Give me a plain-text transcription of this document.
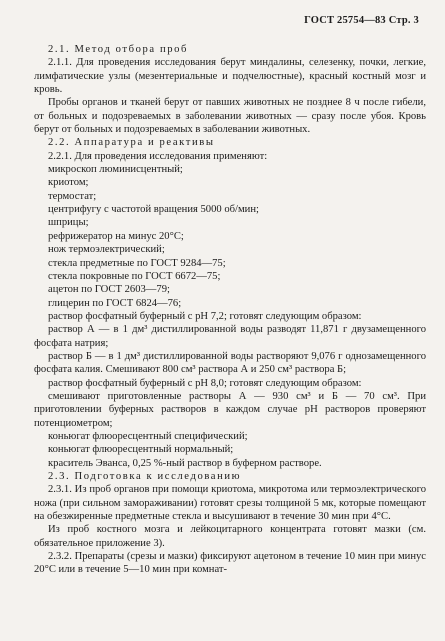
ГОСТ 25754—83 Стр. 3

2.1. Метод отбора проб

2.1.1. Для проведения исследования берут миндалины, селезенку, почки, легкие, лимфатические узлы (мезентериальные и подчелюстные), красный костный мозг и кровь.

Пробы органов и тканей берут от павших животных не позднее 8 ч после гибели, от больных и подозреваемых в заболевании животных — сразу после убоя. Кровь берут от больных и подозреваемых в заболевании животных.

2.2. Аппаратура и реактивы

2.2.1. Для проведения исследования применяют:

микроскоп люминисцентный;

криотом;

термостат;

центрифугу с частотой вращения 5000 об/мин;

шприцы;

рефрижератор на минус 20°С;

нож термоэлектрический;

стекла предметные по ГОСТ 9284—75;

стекла покровные по ГОСТ 6672—75;

ацетон по ГОСТ 2603—79;

глицерин по ГОСТ 6824—76;

раствор фосфатный буферный с pH 7,2; готовят следующим образом:

раствор А — в 1 дм³ дистиллированной воды разводят 11,871 г двузамещенного фосфата натрия;

раствор Б — в 1 дм³ дистиллированной воды растворяют 9,076 г однозамещенного фосфата калия. Смешивают 800 см³ раствора А и 250 см³ раствора Б;

раствор фосфатный буферный с pH 8,0; готовят следующим образом:

смешивают приготовленные растворы А — 930 см³ и Б — 70 см³. При приготовлении буферных растворов в каждом случае pH растворов проверяют потенциометром;

коньюгат флюоресцентный специфический;

коньюгат флюоресцентный нормальный;

краситель Эванса, 0,25 %-ный раствор в буферном растворе.

2.3. Подготовка к исследованию

2.3.1. Из проб органов при помощи криотома, микротома или термоэлектрического ножа (при сильном замораживании) готовят срезы толщиной 5 мк, которые помещают на обезжиренные предметные стекла и высушивают в течение 30 мин при 4°С.

Из проб костного мозга и лейкоцитарного концентрата готовят мазки (см. обязательное приложение 3).

2.3.2. Препараты (срезы и мазки) фиксируют ацетоном в течение 10 мин при минус 20°С или в течение 5—10 мин при комнат-
